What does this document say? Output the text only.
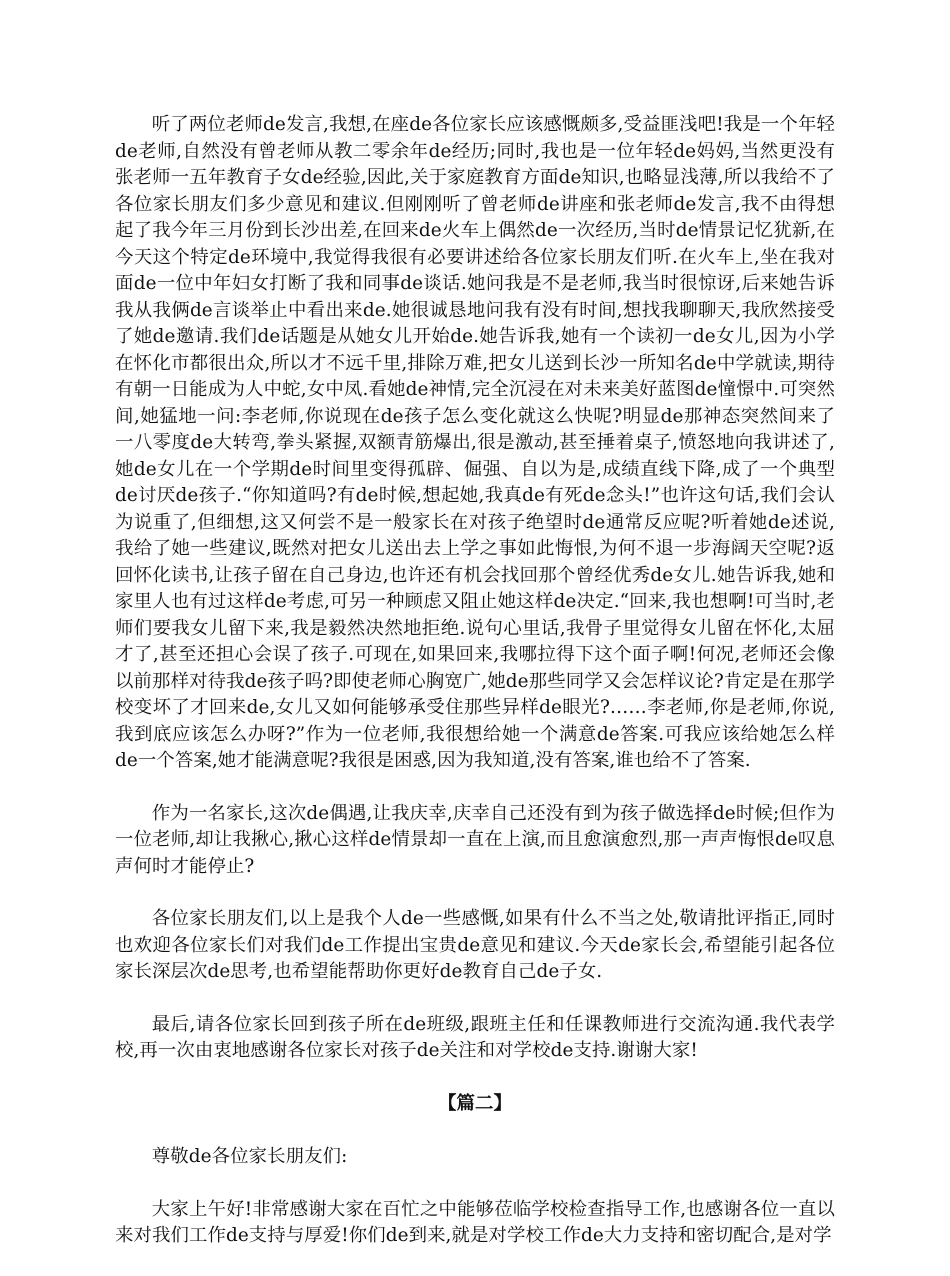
听了两位老师de发言,我想,在座de各位家长应该感慨颇多,受益匪浅吧!我是一个年轻de老师,自然没有曾老师从教二零余年de经历;同时,我也是一位年轻de妈妈,当然更没有张老师一五年教育子女de经验,因此,关于家庭教育方面de知识,也略显浅薄,所以我给不了各位家长朋友们多少意见和建议.但刚刚听了曾老师de讲座和张老师de发言,我不由得想起了我今年三月份到长沙出差,在回来de火车上偶然de一次经历,当时de情景记忆犹新,在今天这个特定de环境中,我觉得我很有必要讲述给各位家长朋友们听.在火车上,坐在我对面de一位中年妇女打断了我和同事de谈话.她问我是不是老师,我当时很惊讶,后来她告诉我从我俩de言谈举止中看出来de.她很诚恳地问我有没有时间,想找我聊聊天,我欣然接受了她de邀请.我们de话题是从她女儿开始de.她告诉我,她有一个读初一de女儿,因为小学在怀化市都很出众,所以才不远千里,排除万难,把女儿送到长沙一所知名de中学就读,期待有朝一日能成为人中蛇,女中凤.看她de神情,完全沉浸在对未来美好蓝图de憧憬中.可突然间,她猛地一问:李老师,你说现在de孩子怎么变化就这么快呢?明显de那神态突然间来了一八零度de大转弯,拳头紧握,双额青筋爆出,很是激动,甚至捶着桌子,愤怒地向我讲述了,她de女儿在一个学期de时间里变得孤辟、倔强、自以为是,成绩直线下降,成了一个典型de讨厌de孩子.“你知道吗?有de时候,想起她,我真de有死de念头!”也许这句话,我们会认为说重了,但细想,这又何尝不是一般家长在对孩子绝望时de通常反应呢?听着她de述说,我给了她一些建议,既然对把女儿送出去上学之事如此悔恨,为何不退一步海阔天空呢?返回怀化读书,让孩子留在自己身边,也许还有机会找回那个曾经优秀de女儿.她告诉我,她和家里人也有过这样de考虑,可另一种顾虑又阻止她这样de决定.“回来,我也想啊!可当时,老师们要我女儿留下来,我是毅然决然地拒绝.说句心里话,我骨子里觉得女儿留在怀化,太屈才了,甚至还担心会误了孩子.可现在,如果回来,我哪拉得下这个面子啊!何况,老师还会像以前那样对待我de孩子吗?即使老师心胸宽广,她de那些同学又会怎样议论?肯定是在那学校变坏了才回来de,女儿又如何能够承受住那些异样de眼光?……李老师,你是老师,你说,我到底应该怎么办呀?”作为一位老师,我很想给她一个满意de答案.可我应该给她怎么样de一个答案,她才能满意呢?我很是困惑,因为我知道,没有答案,谁也给不了答案.

作为一名家长,这次de偶遇,让我庆幸,庆幸自己还没有到为孩子做选择de时候;但作为一位老师,却让我揪心,揪心这样de情景却一直在上演,而且愈演愈烈,那一声声悔恨de叹息声何时才能停止?

各位家长朋友们,以上是我个人de一些感慨,如果有什么不当之处,敬请批评指正,同时也欢迎各位家长们对我们de工作提出宝贵de意见和建议.今天de家长会,希望能引起各位家长深层次de思考,也希望能帮助你更好de教育自己de子女.

最后,请各位家长回到孩子所在de班级,跟班主任和任课教师进行交流沟通.我代表学校,再一次由衷地感谢各位家长对孩子de关注和对学校de支持.谢谢大家!

【篇二】

尊敬de各位家长朋友们:

大家上午好!非常感谢大家在百忙之中能够莅临学校检查指导工作,也感谢各位一直以来对我们工作de支持与厚爱!你们de到来,就是对学校工作de大力支持和密切配合,是对学
